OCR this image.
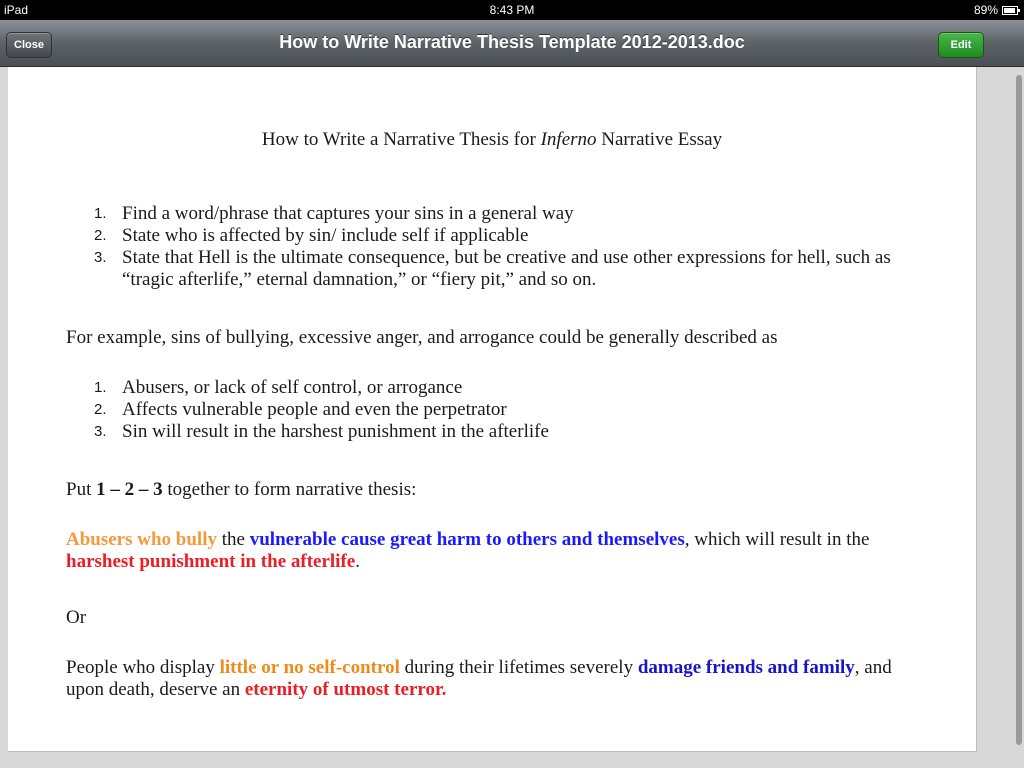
iPad	8:43 PM	89%
Close	How to Write Narrative Thesis Template 2012-2013.doc	Edit
How to Write a Narrative Thesis for Inferno Narrative Essay
1. Find a word/phrase that captures your sins in a general way
2. State who is affected by sin/ include self if applicable
3. State that Hell is the ultimate consequence, but be creative and use other expressions for hell, such as “tragic afterlife,” eternal damnation,” or “fiery pit,” and so on.

For example, sins of bullying, excessive anger, and arrogance could be generally described as

1. Abusers, or lack of self control, or arrogance
2. Affects vulnerable people and even the perpetrator
3. Sin will result in the harshest punishment in the afterlife

Put 1 – 2 – 3 together to form narrative thesis:

Abusers who bully the vulnerable cause great harm to others and themselves, which will result in the harshest punishment in the afterlife.

Or

People who display little or no self-control during their lifetimes severely damage friends and family, and upon death, deserve an eternity of utmost terror.
